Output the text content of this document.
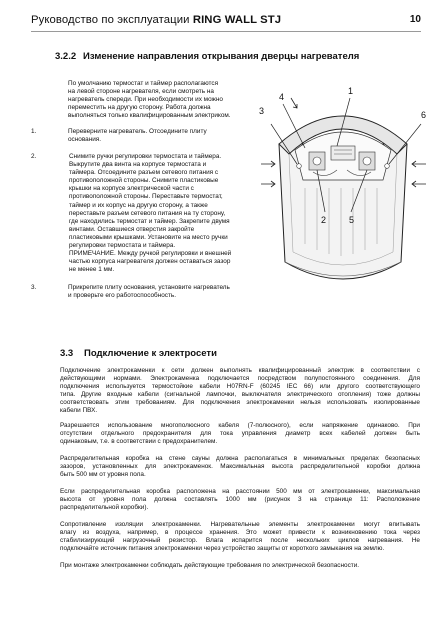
Руководство по эксплуатации RING WALL STJ	10
3.2.2 Изменение направления открывания дверцы нагревателя
По умолчанию термостат и таймер располагаются
на левой стороне нагревателя, если смотреть на
нагреватель спереди. При необходимости их можно
переместить на другую сторону. Работа должна
выполняться только квалифицированным электриком.
1.	Переверните нагреватель. Отсоедините плиту
основания.
2.	Снимите ручки регулировки термостата и таймера.
Выкрутите два винта на корпусе термостата и
таймера. Отсоедините разъем сетевого питания с
противоположной стороны. Снимите пластиковые
крышки на корпусе электрической части с
противоположной стороны. Переставьте термостат,
таймер и их корпус на другую сторону, а также
переставьте разъем сетевого питания на ту сторону,
где находились термостат и таймер. Закрепите двумя
винтами. Оставшиеся отверстия закройте
пластиковыми крышками. Установите на место ручки
регулировки термостата и таймера.
ПРИМЕЧАНИЕ. Между ручкой регулировки и внешней
частью корпуса нагревателя должен оставаться зазор
не менее 1 мм.
3.	Прикрепите плиту основания, установите нагреватель
и проверьте его работоспособность.
1
2
3
4
5
6
3.3 Подключение к электросети
Подключение электрокаменки к сети должен выполнять квалифицированный электрик в соответствии с
действующими нормами. Электрокаменка подключается посредством полупостоянного соединения. Для
подключения используется термостойкие кабели H07RN-F (60245 IEC 66) или другого соответствующего
типа. Другие входные кабели (сигнальной лампочки, выключателя электрического отопления) тоже должны
соответствовать этим требованиям. Для подключения электрокаменки нельзя использовать изолированные
кабели ПВХ.
Разрешается использование многополюсного кабеля (7-полюсного), если напряжение одинаково. При
отсутствии отдельного предохранителя для тока управления диаметр всех кабелей должен быть
одинаковым, т.е. в соответствии с предохранителем.
Распределительная коробка на стене сауны должна располагаться в минимальных пределах безопасных
зазоров, установленных для электрокаменок. Максимальная высота распределительной коробки должна
быть 500 мм от уровня пола.
Если распределительная коробка расположена на расстоянии 500 мм от электрокаменки, максимальная
высота от уровня пола должна составлять 1000 мм (рисунок 3 на странице 11: Расположение
распределительной коробки).
Сопротивление изоляции электрокаменки. Нагревательные элементы электрокаменки могут впитывать
влагу из воздуха, например, в процессе хранения. Это может привести к возникновению тока через
стабилизирующий нагрузочный резистор. Влага испарится после нескольких циклов нагревания. Не
подключайте источник питания электрокаменки через устройство защиты от короткого замыкания на землю.
При монтаже электрокаменки соблюдать действующие требования по электрической безопасности.
